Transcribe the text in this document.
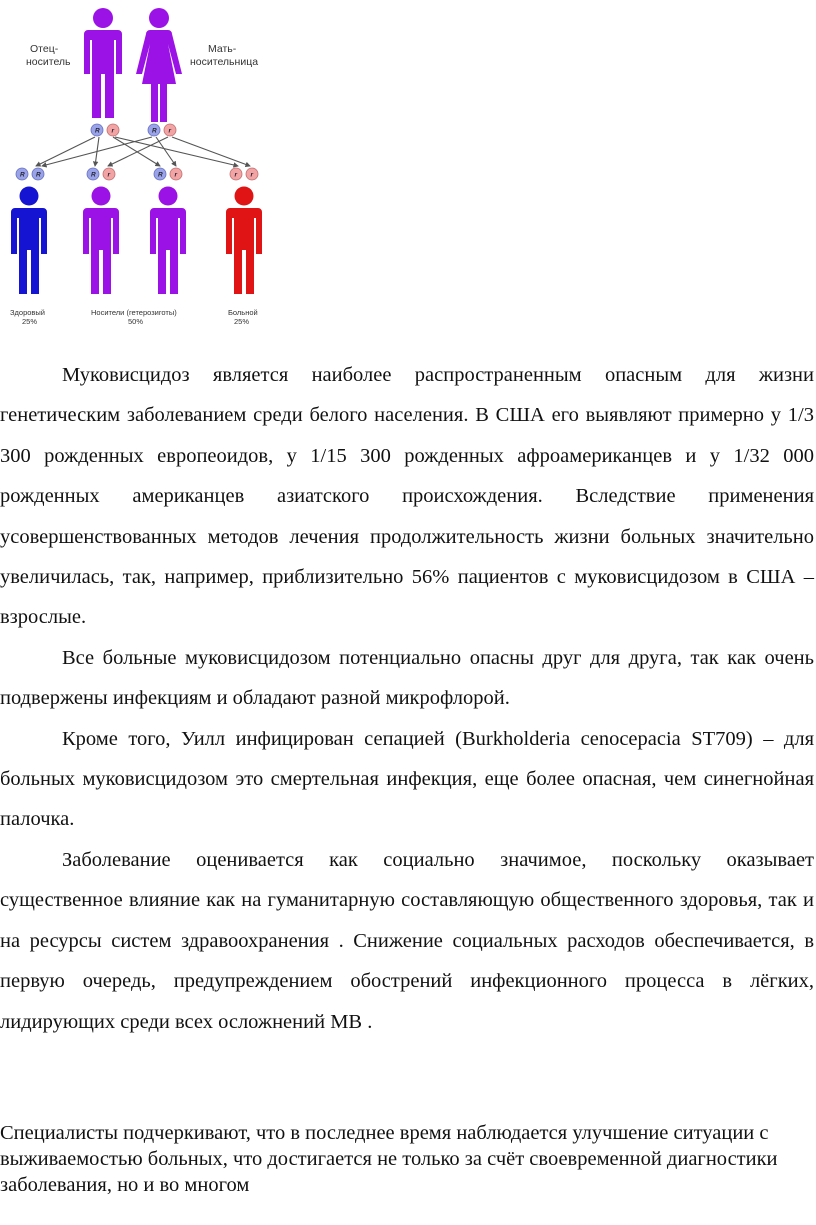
Отец-
носитель
Мать-
носительница
R r	R r
R R	R r	R r	r r
Здоровый
25%
Носители (гетерозиготы)
50%
Больной
25%

Муковисцидоз является наиболее распространенным опасным для жизни генетическим заболеванием среди белого населения. В США его выявляют примерно у 1/3 300 рожденных европеоидов, у 1/15 300 рожденных афроамериканцев и у 1/32 000 рожденных американцев азиатского происхождения. Вследствие применения усовершенствованных методов лечения продолжительность жизни больных значительно увеличилась, так, например, приблизительно 56% пациентов с муковисцидозом в США – взрослые.

Все больные муковисцидозом потенциально опасны друг для друга, так как очень подвержены инфекциям и обладают разной микрофлорой.

Кроме того, Уилл инфицирован сепацией (Burkholderia cenocepacia ST709) – для больных муковисцидозом это смертельная инфекция, еще более опасная, чем синегнойная палочка.

Заболевание оценивается как социально значимое, поскольку оказывает существенное влияние как на гуманитарную составляющую общественного здоровья, так и на ресурсы систем здравоохранения . Снижение социальных расходов обеспечивается, в первую очередь, предупреждением обострений инфекционного процесса в лёгких, лидирующих среди всех осложнений МВ .

Специалисты подчеркивают, что в последнее время наблюдается улучшение ситуации с выживаемостью больных, что достигается не только за счёт своевременной диагностики заболевания, но и во многом
